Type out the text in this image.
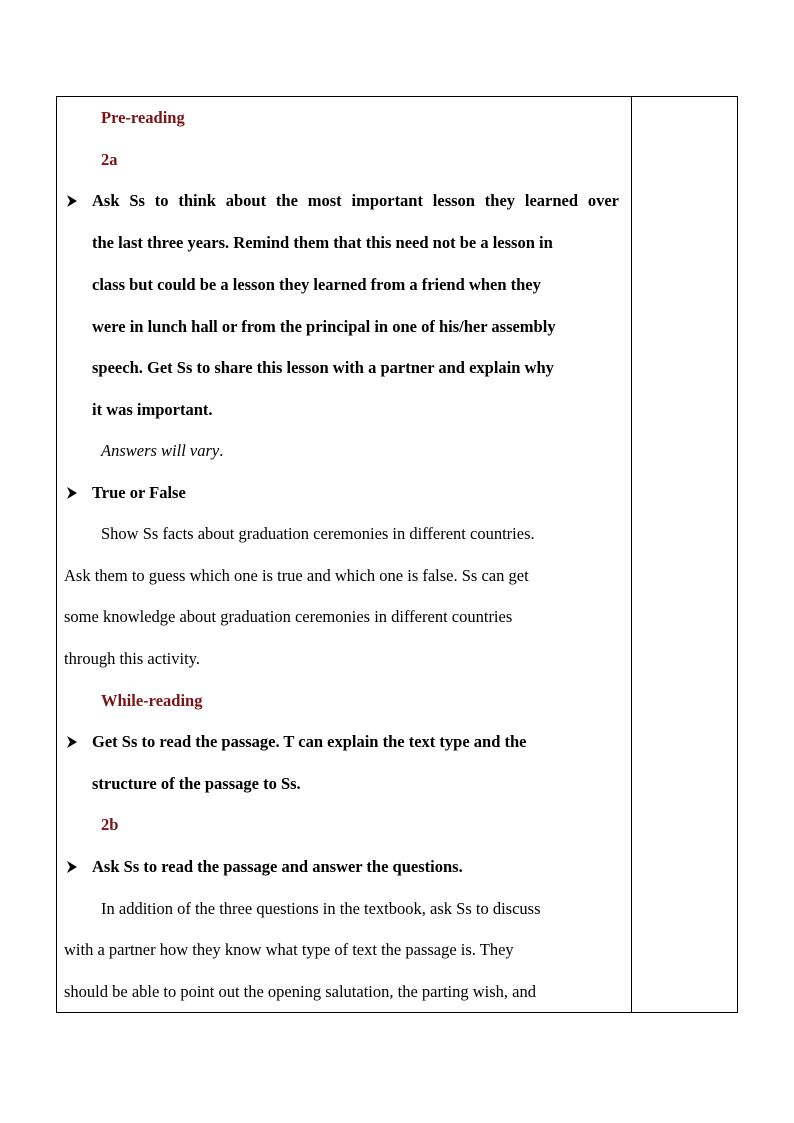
Pre-reading
2a
Ask Ss to think about the most important lesson they learned over
the last three years. Remind them that this need not be a lesson in
class but could be a lesson they learned from a friend when they
were in lunch hall or from the principal in one of his/her assembly
speech. Get Ss to share this lesson with a partner and explain why
it was important.
Answers will vary.
True or False
Show Ss facts about graduation ceremonies in different countries.
Ask them to guess which one is true and which one is false. Ss can get
some knowledge about graduation ceremonies in different countries
through this activity.
While-reading
Get Ss to read the passage. T can explain the text type and the
structure of the passage to Ss.
2b
Ask Ss to read the passage and answer the questions.
In addition of the three questions in the textbook, ask Ss to discuss
with a partner how they know what type of text the passage is. They
should be able to point out the opening salutation, the parting wish, and
